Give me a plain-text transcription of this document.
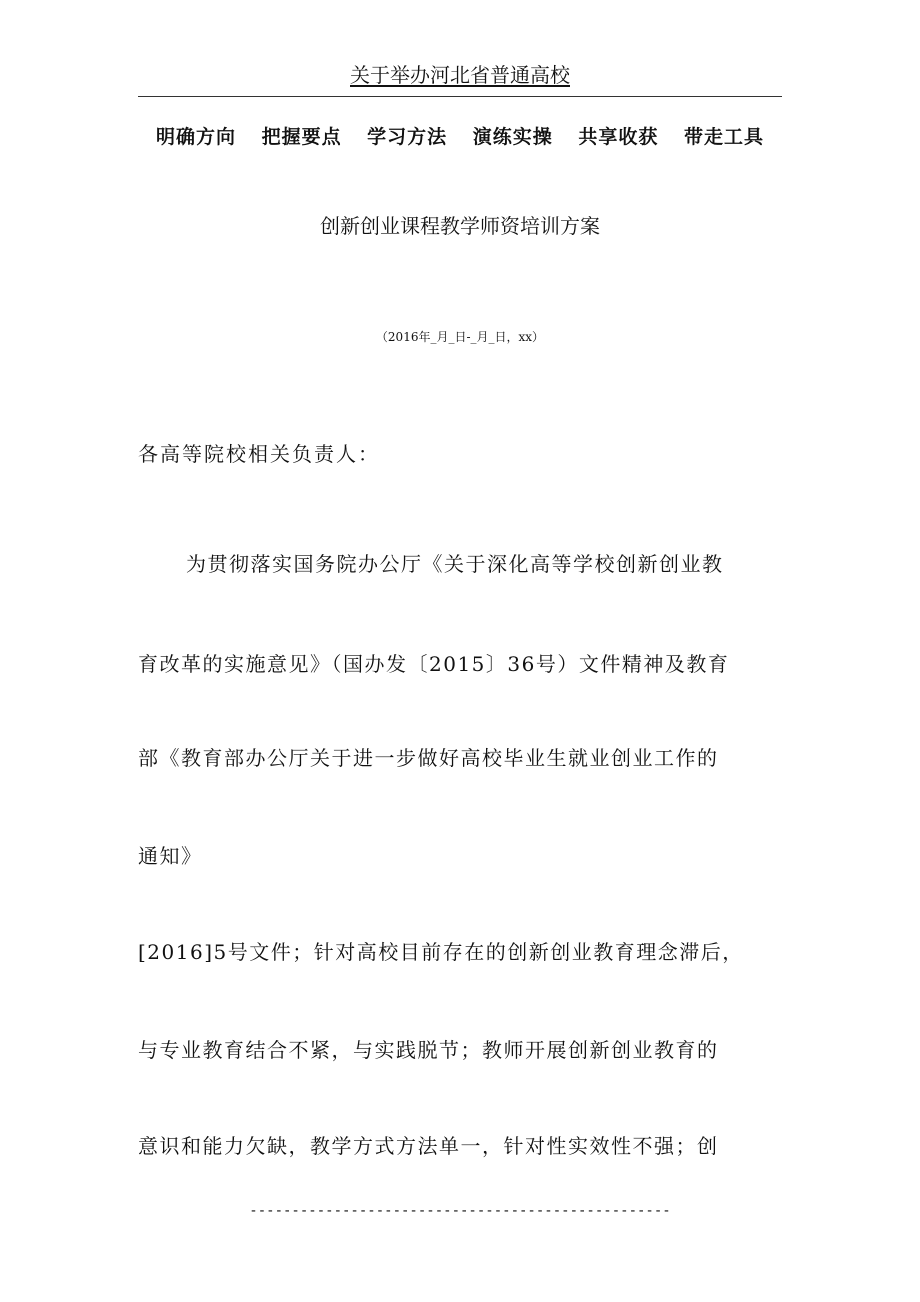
关于举办河北省普通高校
明确方向 把握要点 学习方法 演练实操 共享收获 带走工具
创新创业课程教学师资培训方案
（2016年_月_日-_月_日，xx）
各高等院校相关负责人：
为贯彻落实国务院办公厅《关于深化高等学校创新创业教
育改革的实施意见》（国办发〔2015〕36号）文件精神及教育
部《教育部办公厅关于进一步做好高校毕业生就业创业工作的
通知》
[2016]5号文件；针对高校目前存在的创新创业教育理念滞后，
与专业教育结合不紧，与实践脱节；教师开展创新创业教育的
意识和能力欠缺，教学方式方法单一，针对性实效性不强；创
--------------------------------------------------
